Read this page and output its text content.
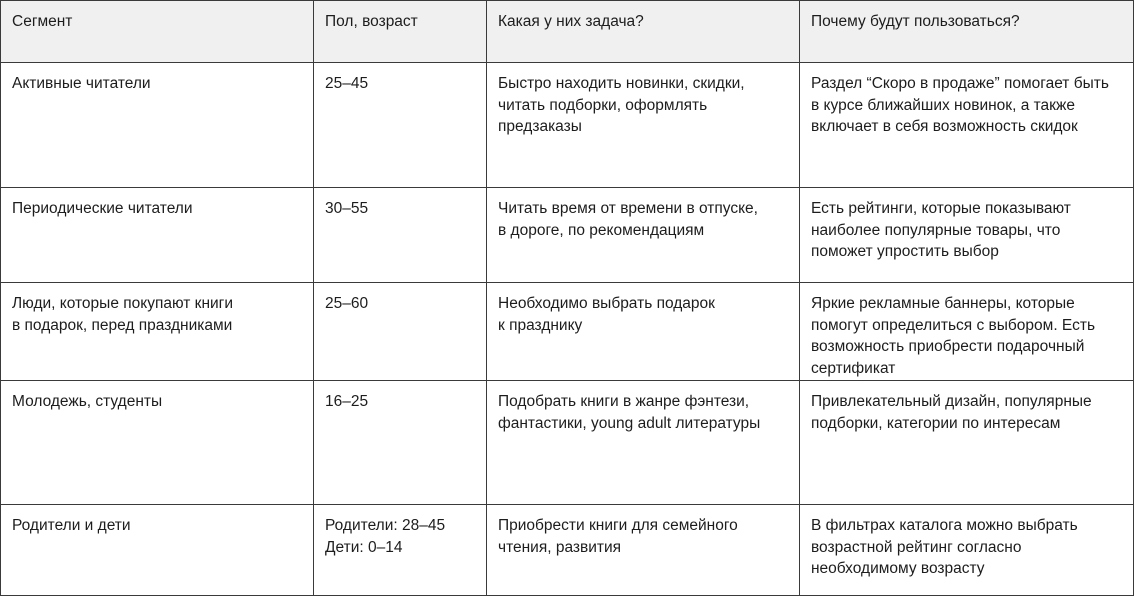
Сегмент	Пол, возраст	Какая у них задача?	Почему будут пользоваться?

Активные читатели	25–45	Быстро находить новинки, скидки,
читать подборки, оформлять
предзаказы	Раздел “Скоро в продаже” помогает быть
в курсе ближайших новинок, а также
включает в себя возможность скидок

Периодические читатели	30–55	Читать время от времени в отпуске,
в дороге, по рекомендациям	Есть рейтинги, которые показывают
наиболее популярные товары, что
поможет упростить выбор

Люди, которые покупают книги
в подарок, перед праздниками	25–60	Необходимо выбрать подарок
к празднику	Яркие рекламные баннеры, которые
помогут определиться с выбором. Есть
возможность приобрести подарочный
сертификат

Молодежь, студенты	16–25	Подобрать книги в жанре фэнтези,
фантастики, young adult литературы	Привлекательный дизайн, популярные
подборки, категории по интересам

Родители и дети	Родители: 28–45
Дети: 0–14	Приобрести книги для семейного
чтения, развития	В фильтрах каталога можно выбрать
возрастной рейтинг согласно
необходимому возрасту
